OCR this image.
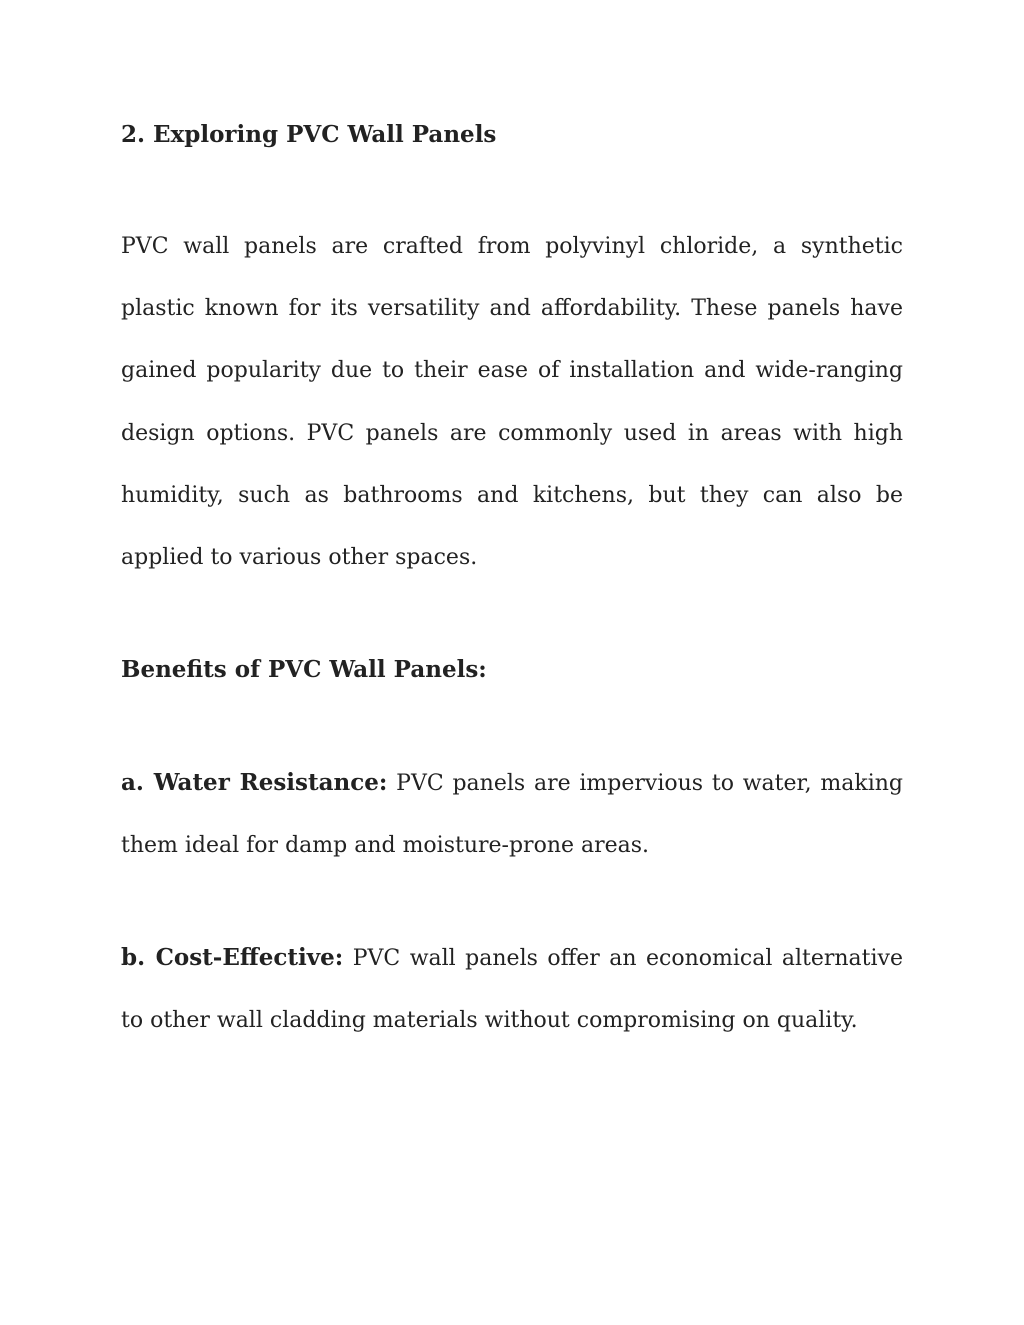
2. Exploring PVC Wall Panels

PVC wall panels are crafted from polyvinyl chloride, a synthetic plastic known for its versatility and affordability. These panels have gained popularity due to their ease of installation and wide-ranging design options. PVC panels are commonly used in areas with high humidity, such as bathrooms and kitchens, but they can also be applied to various other spaces.

Benefits of PVC Wall Panels:

a. Water Resistance: PVC panels are impervious to water, making them ideal for damp and moisture-prone areas.

b. Cost-Effective: PVC wall panels offer an economical alternative to other wall cladding materials without compromising on quality.
